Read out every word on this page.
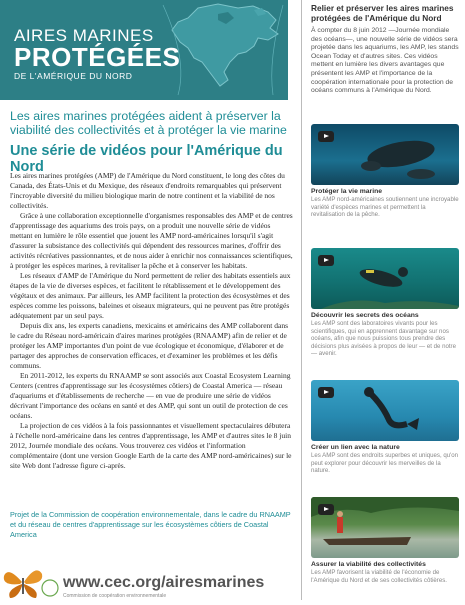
AIRES MARINES
PROTÉGÉES
DE L'AMÉRIQUE DU NORD
Les aires marines protégées aident à préserver la viabilité des collectivités et à protéger la vie marine
Une série de vidéos pour l'Amérique du Nord

Les aires marines protégées (AMP) de l'Amérique du Nord constituent, le long des côtes du Canada, des États-Unis et du Mexique, des réseaux d'endroits remarquables qui préservent l'incroyable diversité du milieu biologique marin de notre continent et la viabilité de nos collectivités.

Grâce à une collaboration exceptionnelle d'organismes responsables des AMP et de centres d'apprentissage des aquariums des trois pays, on a produit une nouvelle série de vidéos mettant en lumière le rôle essentiel que jouent les AMP nord-américaines lorsqu'il s'agit d'assurer la subsistance des collectivités qui dépendent des ressources marines, d'offrir des activités récréatives passionnantes, et de nous aider à enrichir nos connaissances scientifiques, à protéger les espèces marines, à revitaliser la pêche et à conserver les habitats.

Les réseaux d'AMP de l'Amérique du Nord permettent de relier des habitats essentiels aux étapes de la vie de diverses espèces, et facilitent le rétablissement et le développement des végétaux et des animaux. Par ailleurs, les AMP facilitent la protection des écosystèmes et des espèces comme les poissons, baleines et oiseaux migrateurs, qui ne peuvent pas être protégés adéquatement par un seul pays.

Depuis dix ans, les experts canadiens, mexicains et américains des AMP collaborent dans le cadre du Réseau nord-américain d'aires marines protégées (RNAAMP) afin de relier et de protéger les AMP importantes d'un point de vue écologique et économique, d'élaborer et de partager des approches de conservation efficaces, et d'examiner les problèmes et les défis communs.

En 2011-2012, les experts du RNAAMP se sont associés aux Coastal Ecosystem Learning Centers (centres d'apprentissage sur les écosystèmes côtiers) de Coastal America — réseau d'aquariums et d'établissements de recherche — en vue de produire une série de vidéos décrivant l'importance des océans en santé et des AMP, qui sont un outil de protection de ces océans.

La projection de ces vidéos à la fois passionnantes et visuellement spectaculaires débutera à l'échelle nord-américaine dans les centres d'apprentissage, les AMP et d'autres sites le 8 juin 2012, Journée mondiale des océans. Vous trouverez ces vidéos et l'information complémentaire (dont une version Google Earth de la carte des AMP nord-américaines) sur le site Web dont l'adresse figure ci-après.

Projet de la Commission de coopération environnementale, dans le cadre du RNAAMP et du réseau de centres d'apprentissage sur les écosystèmes côtiers de Coastal America
www.cec.org/airesmarines
Commission de coopération environnementale
Relier et préserver les aires marines protégées de l'Amérique du Nord
À compter du 8 juin 2012 —Journée mondiale des océans—, une nouvelle série de vidéos sera projetée dans les aquariums, les AMP, les stands Ocean Today et d'autres sites. Ces vidéos mettent en lumière les divers avantages que présentent les AMP et l'importance de la coopération internationale pour la protection de océans communs à l'Amérique du Nord.
Protéger la vie marine
Les AMP nord-américaines soutiennent une incroyable variété d'espèces marines et permettent la revitalisation de la pêche.
Découvrir les secrets des océans
Les AMP sont des laboratoires vivants pour les scientifiques, qui en apprennent davantage sur nos océans, afin que nous puissions tous prendre des décisions plus avisées à propos de leur — et de notre — avenir.
Créer un lien avec la nature
Les AMP sont des endroits superbes et uniques, qu'on peut explorer pour découvrir les merveilles de la nature.
Assurer la viabilité des collectivités
Les AMP favorisent la viabilité de l'économie de l'Amérique du Nord et de ses collectivités côtières.
